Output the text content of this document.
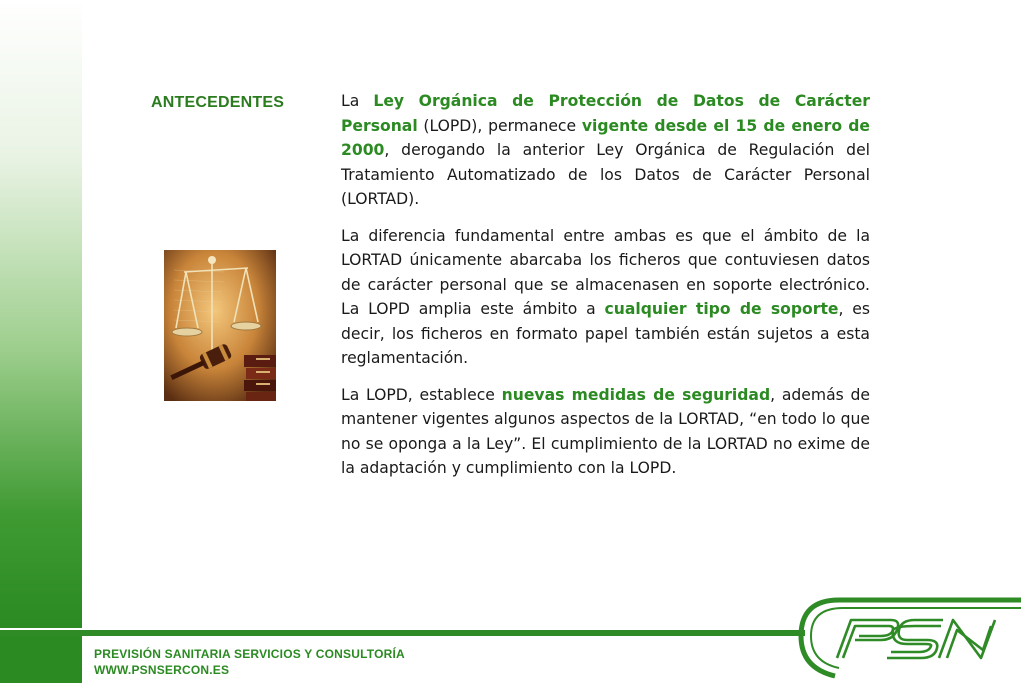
ANTECEDENTES	La Ley Orgánica de Protección de Datos de Carácter Personal (LOPD), permanece vigente desde el 15 de enero de 2000, derogando la anterior Ley Orgánica de Regulación del Tratamiento Automatizado de los Datos de Carácter Personal (LORTAD).

La diferencia fundamental entre ambas es que el ámbito de la LORTAD únicamente abarcaba los ficheros que contuviesen datos de carácter personal que se almacenasen en soporte electrónico. La LOPD amplia este ámbito a cualquier tipo de soporte, es decir, los ficheros en formato papel también están sujetos a esta reglamentación.

La LOPD, establece nuevas medidas de seguridad, además de mantener vigentes algunos aspectos de la LORTAD, “en todo lo que no se oponga a la Ley”. El cumplimiento de la LORTAD no exime de la adaptación y cumplimiento con la LOPD.

PREVISIÓN SANITARIA SERVICIOS Y CONSULTORÍA
WWW.PSNSERCON.ES
